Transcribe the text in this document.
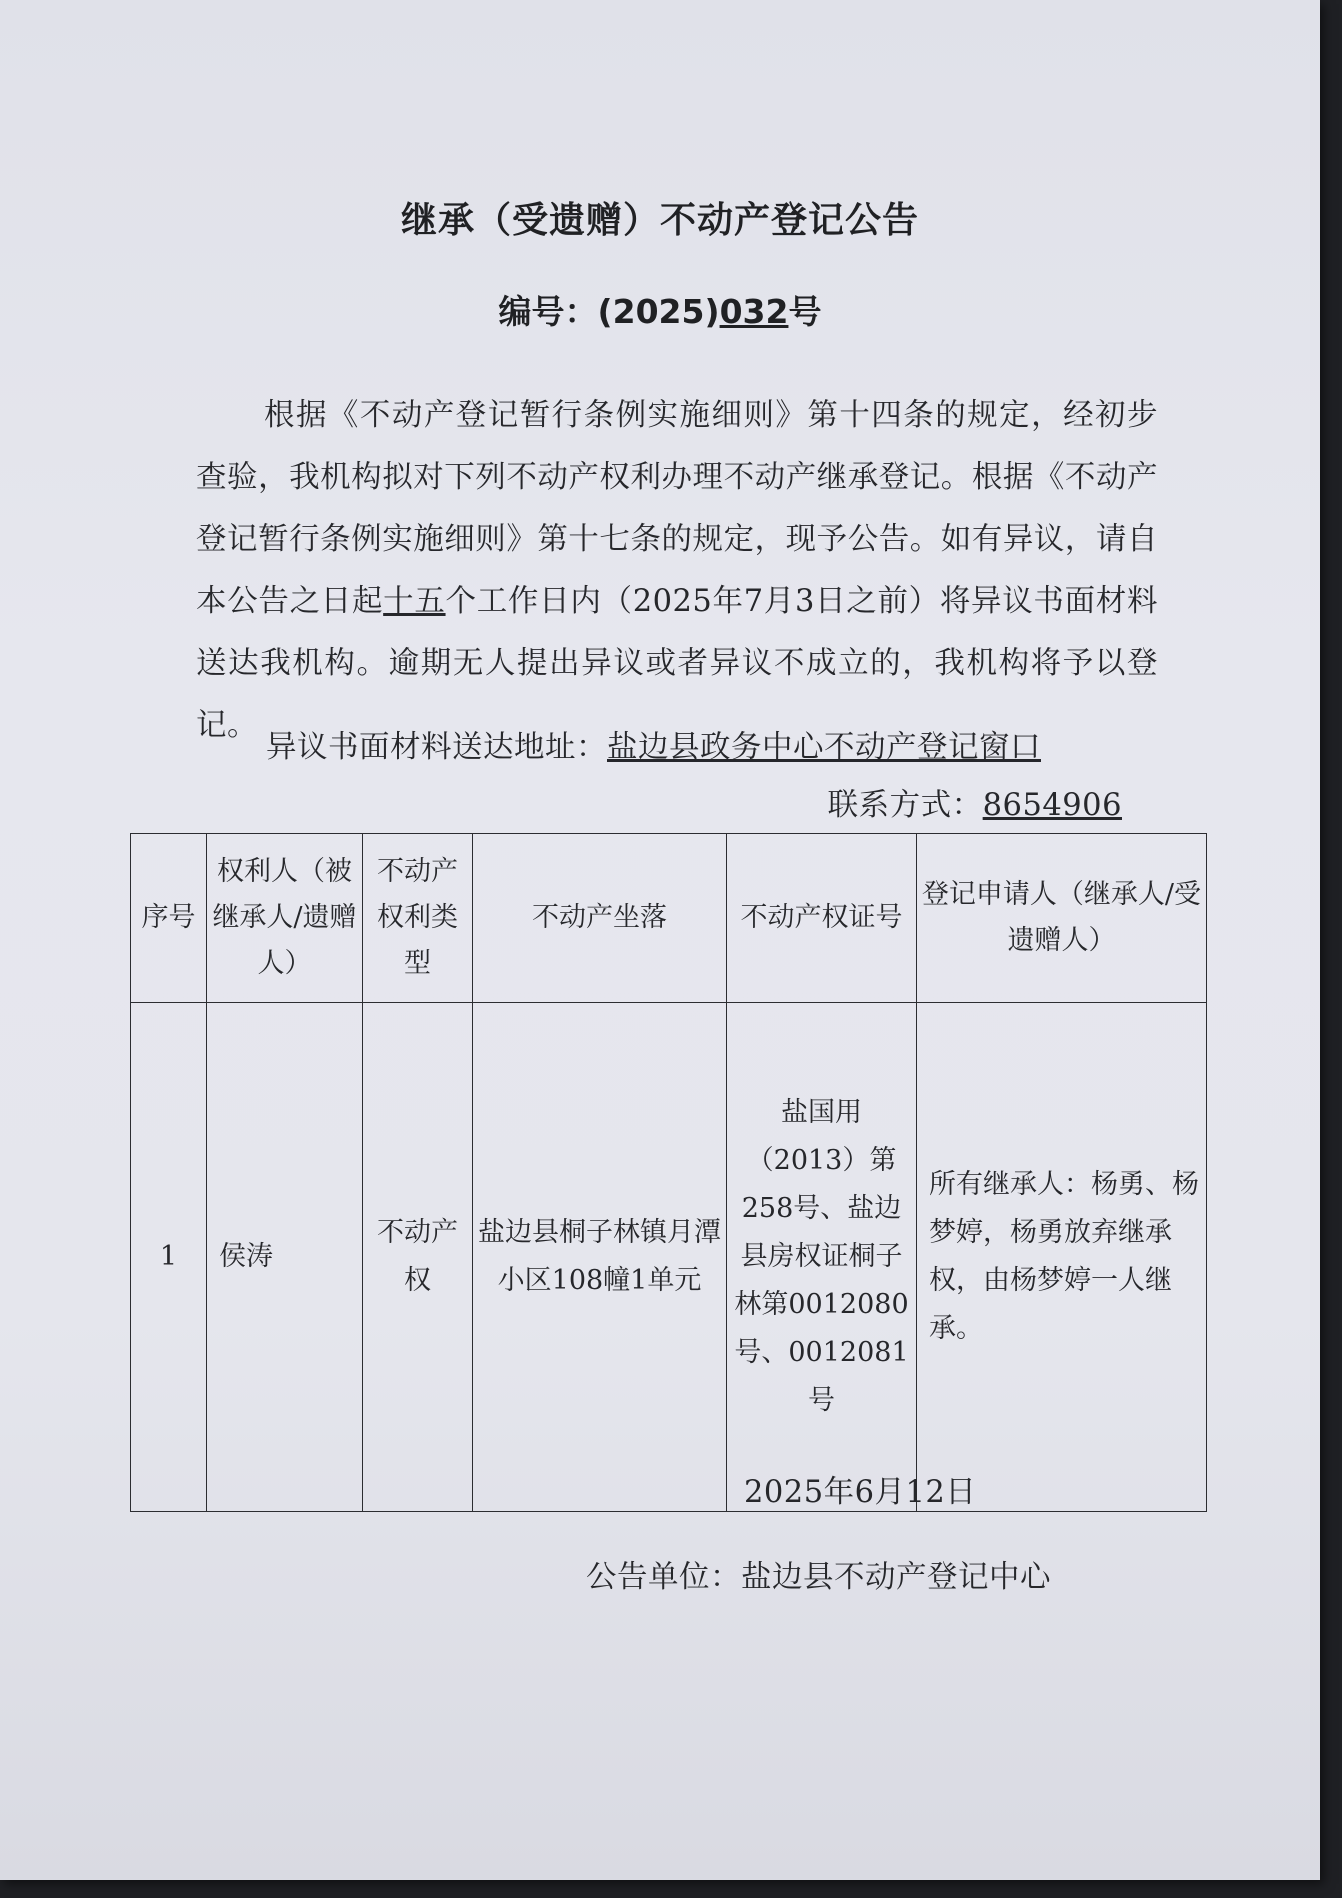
继承（受遗赠）不动产登记公告
编号：(2025)032号
根据《不动产登记暂行条例实施细则》第十四条的规定，经初步查验，我机构拟对下列不动产权利办理不动产继承登记。根据《不动产登记暂行条例实施细则》第十七条的规定，现予公告。如有异议，请自本公告之日起十五个工作日内（2025年7月3日之前）将异议书面材料送达我机构。逾期无人提出异议或者异议不成立的，我机构将予以登记。
异议书面材料送达地址：盐边县政务中心不动产登记窗口
联系方式：8654906
序号	权利人（被继承人/遗赠人）	不动产权利类型	不动产坐落	不动产权证号	登记申请人（继承人/受遗赠人）
1	侯涛	不动产权	盐边县桐子林镇月潭小区108幢1单元	盐国用（2013）第258号、盐边县房权证桐子林第0012080号、0012081号	所有继承人：杨勇、杨梦婷，杨勇放弃继承权，由杨梦婷一人继承。
公告单位：盐边县不动产登记中心
2025年6月12日
